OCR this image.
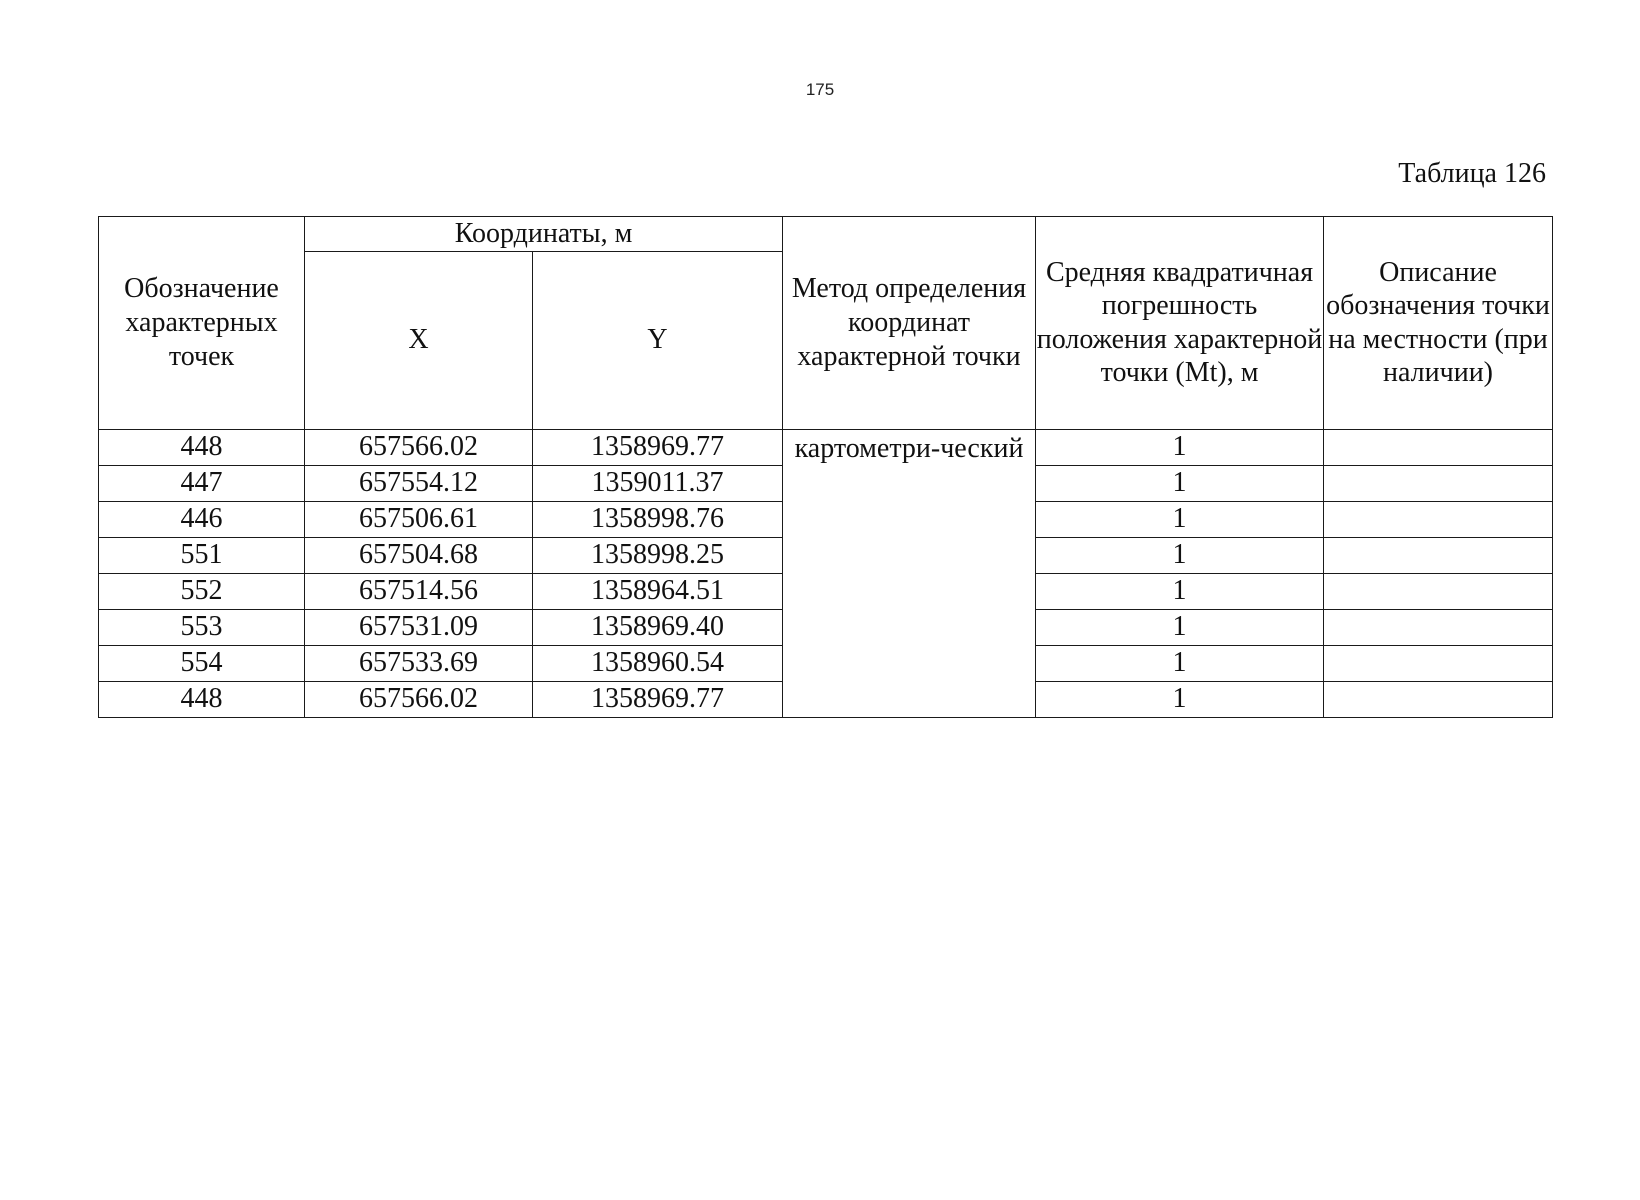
175
Таблица 126
Обозначение характерных точек	Координаты, м		Метод определения координат характерной точки	Средняя квадратичная погрешность положения характерной точки (Mt), м	Описание обозначения точки на местности (при наличии)

	X	Y			
448	657566.02	1358969.77	картометри-ческий	1	
447	657554.12	1359011.37		1	
446	657506.61	1358998.76		1	
551	657504.68	1358998.25		1	
552	657514.56	1358964.51		1	
553	657531.09	1358969.40		1	
554	657533.69	1358960.54		1	
448	657566.02	1358969.77		1	
